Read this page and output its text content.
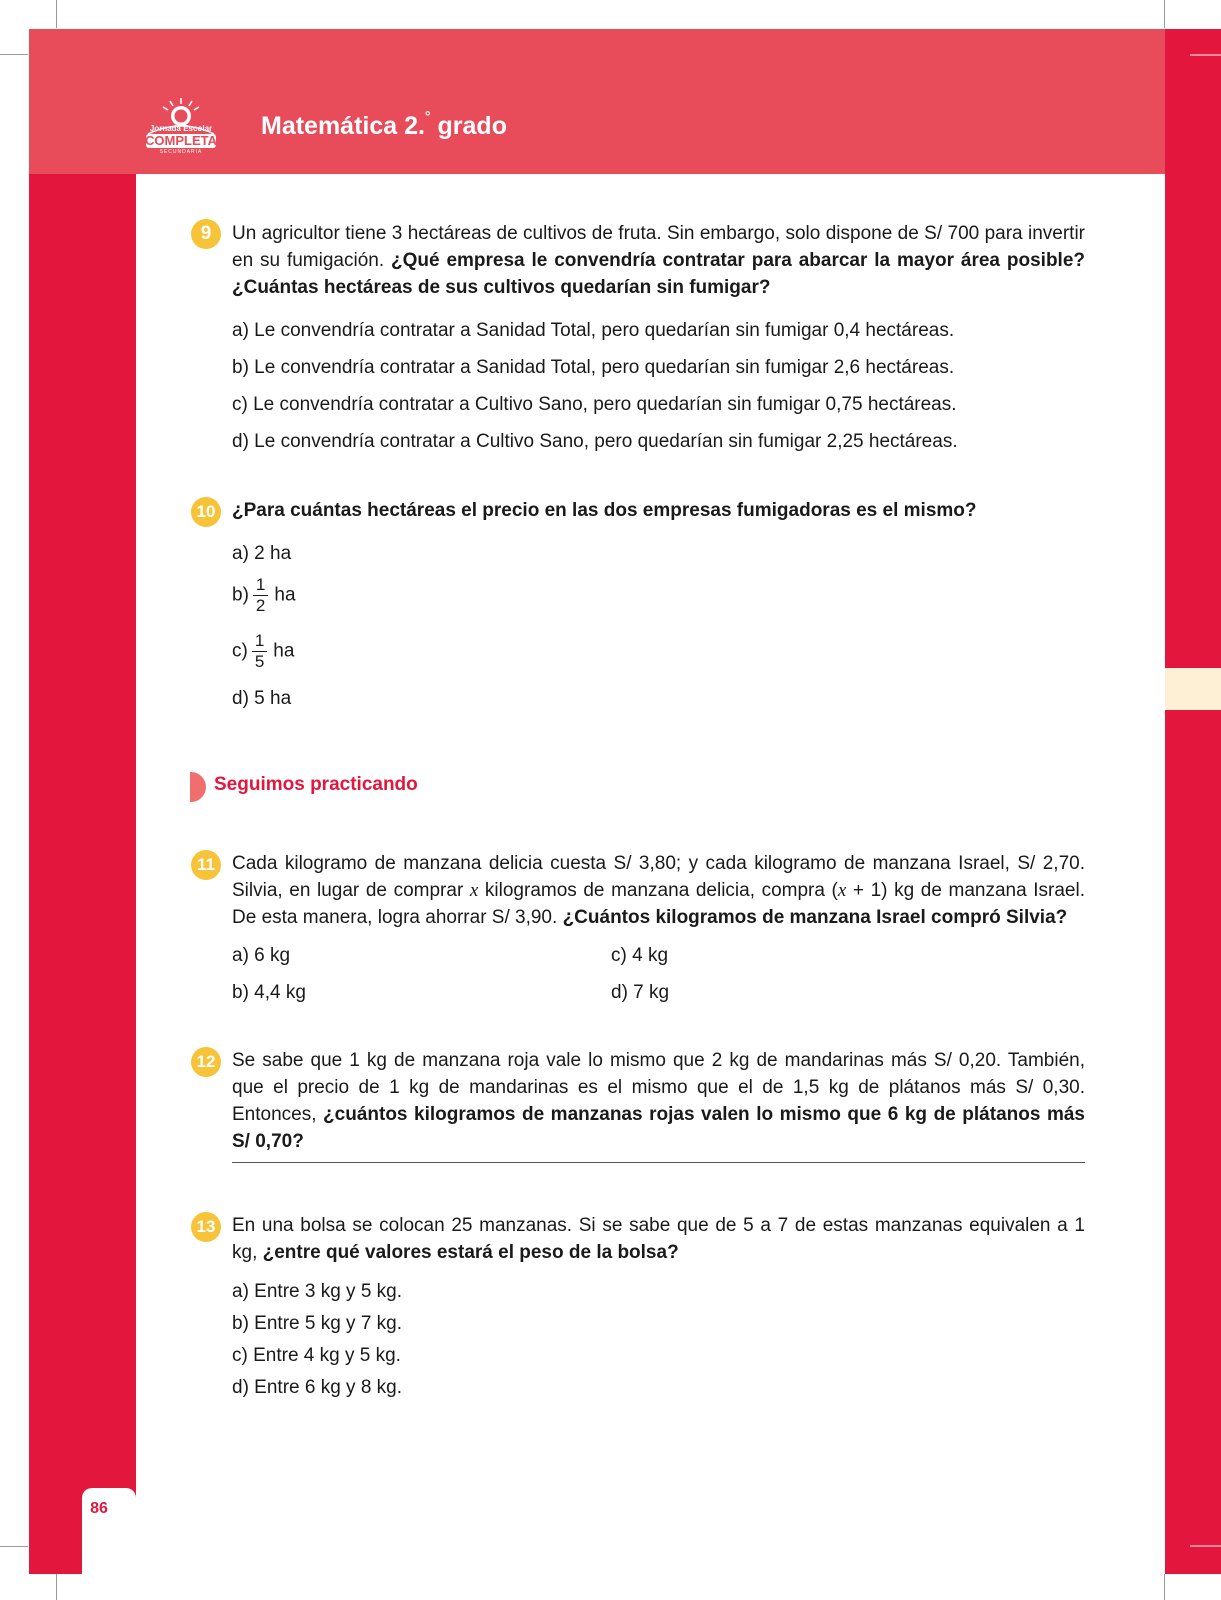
Jornada Escolar
COMPLETA
SECUNDARIA
Matemática 2.° grado
86
9	Un agricultor tiene 3 hectáreas de cultivos de fruta. Sin embargo, solo dispone de S/ 700 para invertir en su fumigación. ¿Qué empresa le convendría contratar para abarcar la mayor área posible? ¿Cuántas hectáreas de sus cultivos quedarían sin fumigar?
a) Le convendría contratar a Sanidad Total, pero quedarían sin fumigar 0,4 hectáreas.
b) Le convendría contratar a Sanidad Total, pero quedarían sin fumigar 2,6 hectáreas.
c) Le convendría contratar a Cultivo Sano, pero quedarían sin fumigar 0,75 hectáreas.
d) Le convendría contratar a Cultivo Sano, pero quedarían sin fumigar 2,25 hectáreas.
10 ¿Para cuántas hectáreas el precio en las dos empresas fumigadoras es el mismo?
a) 2 ha
$b) \frac{1}{2}$ ha
$c) \frac{1}{5}$ ha
d) 5 ha
Seguimos practicando
11 Cada kilogramo de manzana delicia cuesta S/ 3,80; y cada kilogramo de manzana Israel, S/ 2,70. Silvia, en lugar de comprar x kilogramos de manzana delicia, compra (x + 1) kg de manzana Israel. De esta manera, logra ahorrar S/ 3,90. ¿Cuántos kilogramos de manzana Israel compró Silvia?
a) 6 kg
b) 4,4 kg
c) 4 kg
d) 7 kg
12 Se sabe que 1 kg de manzana roja vale lo mismo que 2 kg de mandarinas más S/ 0,20. También, que el precio de 1 kg de mandarinas es el mismo que el de 1,5 kg de plátanos más S/ 0,30. Entonces, ¿cuántos kilogramos de manzanas rojas valen lo mismo que 6 kg de plátanos más S/ 0,70?
13 En una bolsa se colocan 25 manzanas. Si se sabe que de 5 a 7 de estas manzanas equivalen a 1 kg, ¿entre qué valores estará el peso de la bolsa?
a) Entre 3 kg y 5 kg.
b) Entre 5 kg y 7 kg.
c) Entre 4 kg y 5 kg.
d) Entre 6 kg y 8 kg.
